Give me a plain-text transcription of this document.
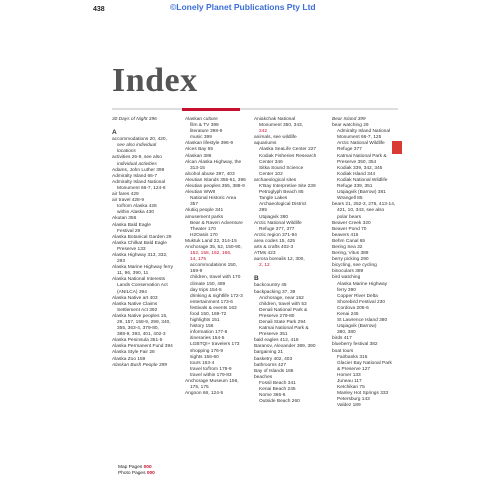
438	©Lonely Planet Publications Pty Ltd
Index
30 Days of Night 396

A
accommodations 20, 420,
see also individual
locations
activities 26-9, see also
individual activities
Adams, John Luther 399
Admiralty Island 66-7
Admiralty Island National
Monument 66-7, 124-6
air fares 429
air travel 428-9
to/from Alaska 428
within Alaska 430
Akutan 356
Alaska Bald Eagle
Festival 29
Alaska Botanical Garden 29
Alaska Chilkat Bald Eagle
Preserve 133
Alaska Highway 313, 332,
293
Alaska Marine Highway ferry
11, 96, 390, 11
Alaska National Interests
Lands Conservation Act
(ANILCA) 394
Alaska Native art 403
Alaska Native Claims
Settlement Act 392
Alaska Native peoples 15,
29, 157, 158-9, 299, 340,
355, 363-4, 379-80,
388-9, 393, 401, 402-3
Alaska Peninsula 351-5
Alaska Permanent Fund 394
Alaska Style Fair 28
Alaska Zoo 159
Alaskan Bush People 399
Alaskan culture
film & TV 399
literature 398-9
music 399
Alaskan lifestyle 396-9
Alces Bay 65
Alaskan 386
Alcan Alaska Highway, the
313-15
alcohol abuse 397, 403
Aleutian Islands 355-61, 396
Aleutian peoples 355, 388-9
Aleutian WWII
National Historic Area
357
Alutiiq people 341
amusement parks
Bear & Raven Adventure
Theater 170
H2Oasis 170
Muktuk Land 22, 314-15
Anchorage 35, 52, 150-90,
152, 158, 162, 166,
14, 175
accommodations 150,
169-9
children, travel with 170
climate 150, 489
day trips 154-5
drinking & nightlife 172-3
entertainment 173-6
festivals & events 163
food 150, 169-72
highlights 151
history 156
information 177-8
itineraries 154-5
LGBTQI+ travelers 173
shopping 176-9
sights 156-60
tours 163-4
travel to/from 178-9
travel within 179-83
Anchorage Museum 156,
175, 175
Angoon 66, 124-5
Aniakchak National
Monument 350, 343,
242
animals, see wildlife
aquariums
Alaska SeaLife Center 227
Kodiak Fisheries Research
Center 346
Sitka Sound Science
Center 102
archaeological sites
K'Bay Interpretive Site 239
Petroglyph Beach 85
Tangle Lakes
Archaeological District
295
Utqiagvik 380
Arctic National Wildlife
Refuge 377, 377
Arctic region 371-94
area codes 15, 425
arts & crafts 402-3
ATMs 423
aurora borealis 12, 300,
2, 12

B
backcountry 45
backpacking 37, 39
Anchorage, near 152
children, travel with 53
Denali National Park &
Preserve 279-80
Denali State Park 294
Katmai National Park &
Preserve 351
bald eagles 412, 418
Baranov, Alexander 389, 390
bargaining 21
basketry 402, 403
bathrooms 427
Bay of Islands 186
beaches
Fossil Beach 341
Kenai Beach 245
Nome 365-6
Outside Beach 260
Bear Island 399
bear watching 29
Admiralty Island National
Monument 66-7, 125
Arctic National Wildlife
Refuge 377
Katmai National Park &
Preserve 350, 354
Kodiak 339, 342, 345
Kodiak Island 344
Kodiak National Wildlife
Refuge 339, 351
Utqiagvik (Barrow) 381
Wrangell 85
bears 21, 252-3, 276, 413-14,
421, 10, 343, see also
polar bears
Beaver Creek 320
Beaver Pond 70
beavers 415
Behm Canal 65
Bering Sea 32
Bering, Vitus 389
berry picking 290
bicycling, see cycling
binoculars 389
bird watching
Alaska Marine Highway
ferry 390
Copper River Delta
Shorebird Festival 230
Cordova 205-6
Kenai 245
St Lawrence Island 380
Utqiagvik (Barrow)
380, 380
birds 417
blueberry festival 382
boat tours
Fairbanks 315
Glacier Bay National Park
& Preserve 127
Homer 133
Juneau 117
Ketchikan 75
Manley Hot Springs 333
Petersburg 143
Valdez 189
Map Pages 000
Photo Pages 000
